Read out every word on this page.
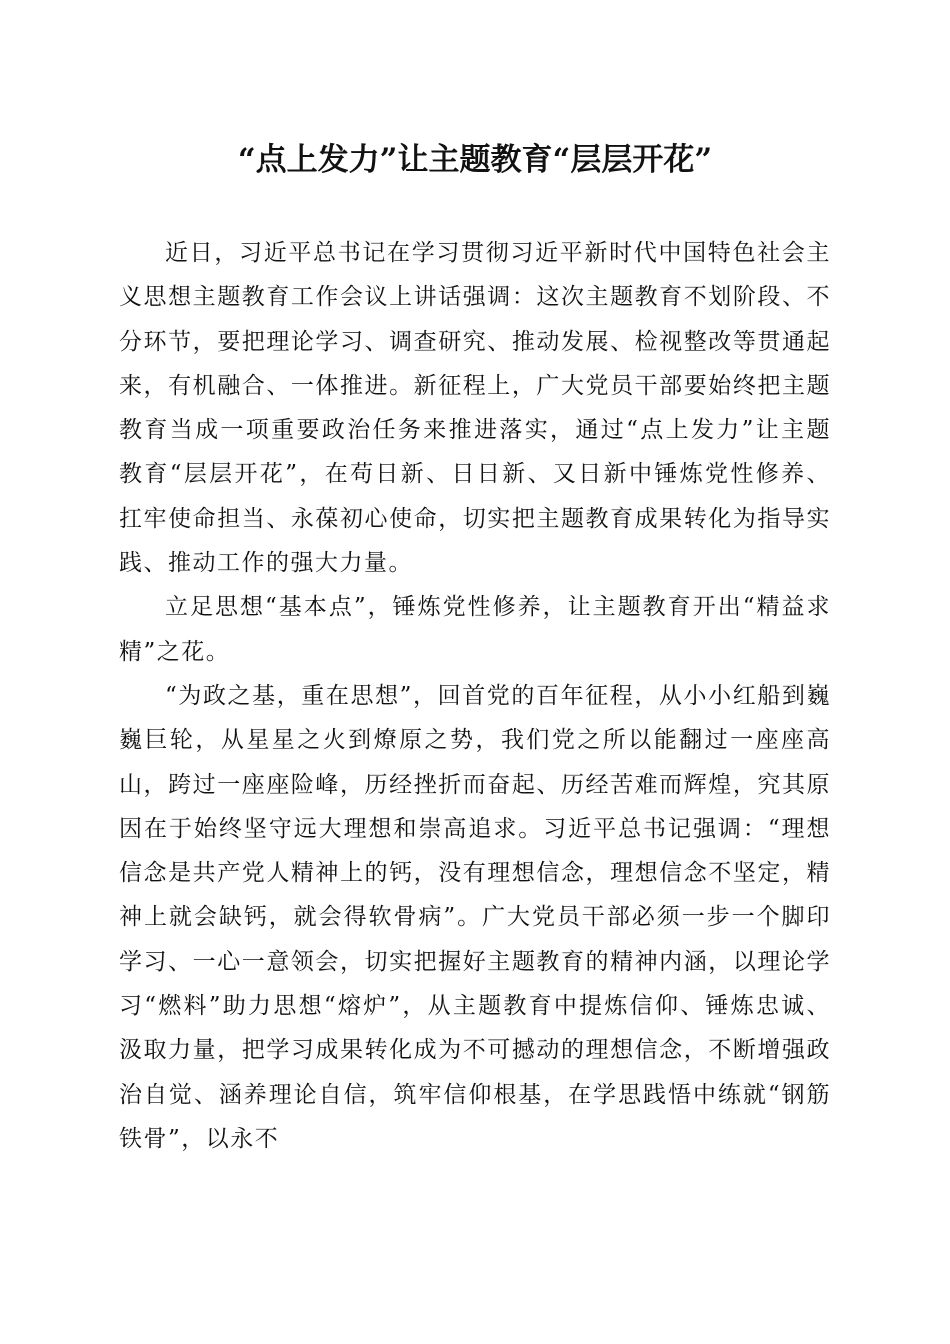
“点上发力”让主题教育“层层开花”

近日，习近平总书记在学习贯彻习近平新时代中国特色社会主义思想主题教育工作会议上讲话强调：这次主题教育不划阶段、不分环节，要把理论学习、调查研究、推动发展、检视整改等贯通起来，有机融合、一体推进。新征程上，广大党员干部要始终把主题教育当成一项重要政治任务来推进落实，通过“点上发力”让主题教育“层层开花”，在苟日新、日日新、又日新中锤炼党性修养、扛牢使命担当、永葆初心使命，切实把主题教育成果转化为指导实践、推动工作的强大力量。

立足思想“基本点”，锤炼党性修养，让主题教育开出“精益求精”之花。

“为政之基，重在思想”，回首党的百年征程，从小小红船到巍巍巨轮，从星星之火到燎原之势，我们党之所以能翻过一座座高山，跨过一座座险峰，历经挫折而奋起、历经苦难而辉煌，究其原因在于始终坚守远大理想和崇高追求。习近平总书记强调：“理想信念是共产党人精神上的钙，没有理想信念，理想信念不坚定，精神上就会缺钙，就会得软骨病”。广大党员干部必须一步一个脚印学习、一心一意领会，切实把握好主题教育的精神内涵，以理论学习“燃料”助力思想“熔炉”，从主题教育中提炼信仰、锤炼忠诚、汲取力量，把学习成果转化成为不可撼动的理想信念，不断增强政治自觉、涵养理论自信，筑牢信仰根基，在学思践悟中练就“钢筋铁骨”，以永不
